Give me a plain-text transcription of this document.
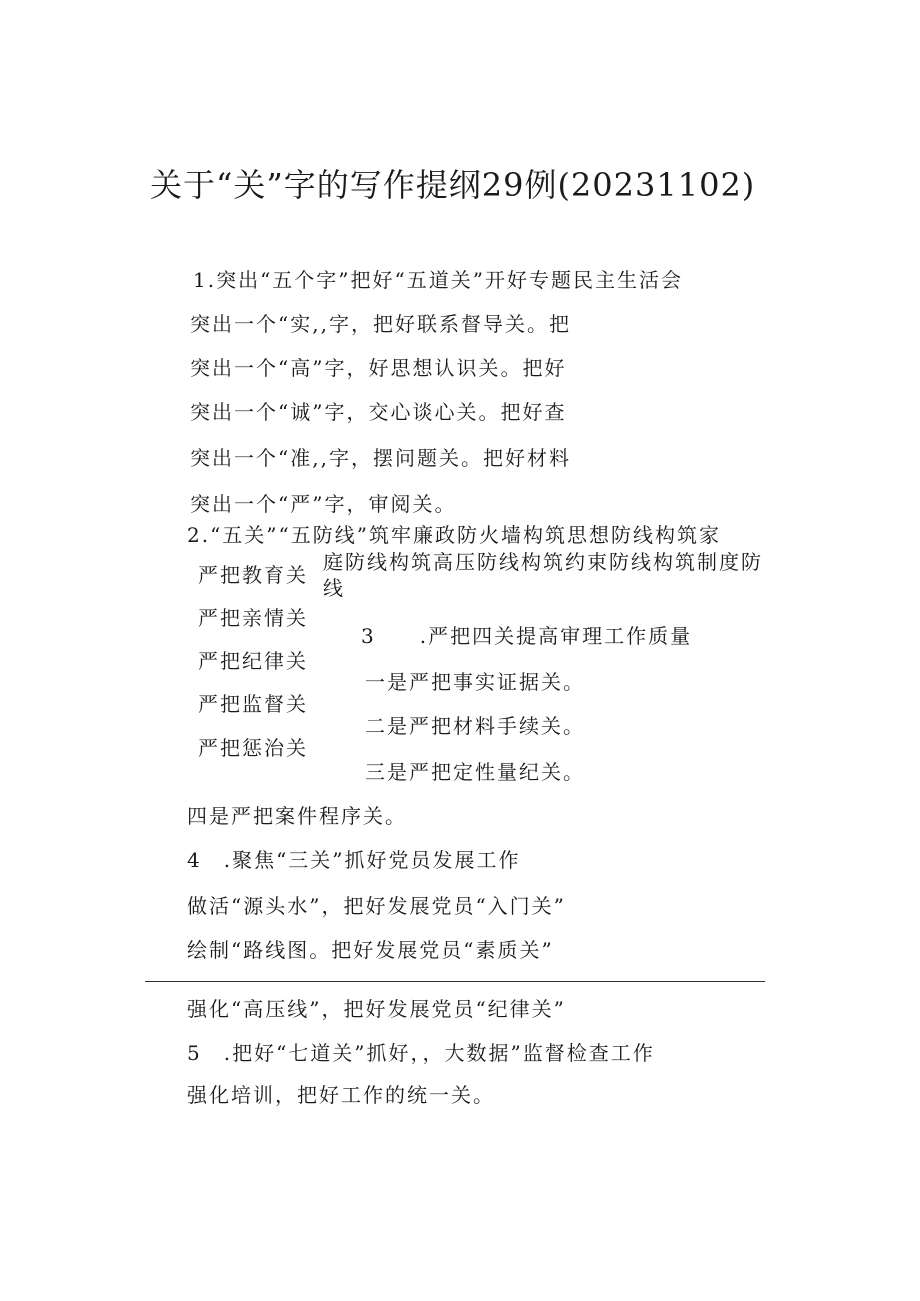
关于“关”字的写作提纲29例(20231102)
1.突出“五个字”把好“五道关”开好专题民主生活会
突出一个“实,,字，把好联系督导关。把
突出一个“高”字，好思想认识关。把好
突出一个“诚”字，交心谈心关。把好查
突出一个“准,,字，摆问题关。把好材料
突出一个“严”字，审阅关。
2.“五关”“五防线”筑牢廉政防火墙构筑思想防线构筑家
庭防线构筑高压防线构筑约束防线构筑制度防线
严把教育关
严把亲情关
严把纪律关
严把监督关
严把惩治关
3　　.严把四关提高审理工作质量
一是严把事实证据关。
二是严把材料手续关。
三是严把定性量纪关。
四是严把案件程序关。
4　.聚焦“三关”抓好党员发展工作
做活“源头水”，把好发展党员“入门关”
绘制“路线图。把好发展党员“素质关”
强化“高压线”，把好发展党员“纪律关”
5　.把好“七道关”抓好，，大数据”监督检查工作
强化培训，把好工作的统一关。
